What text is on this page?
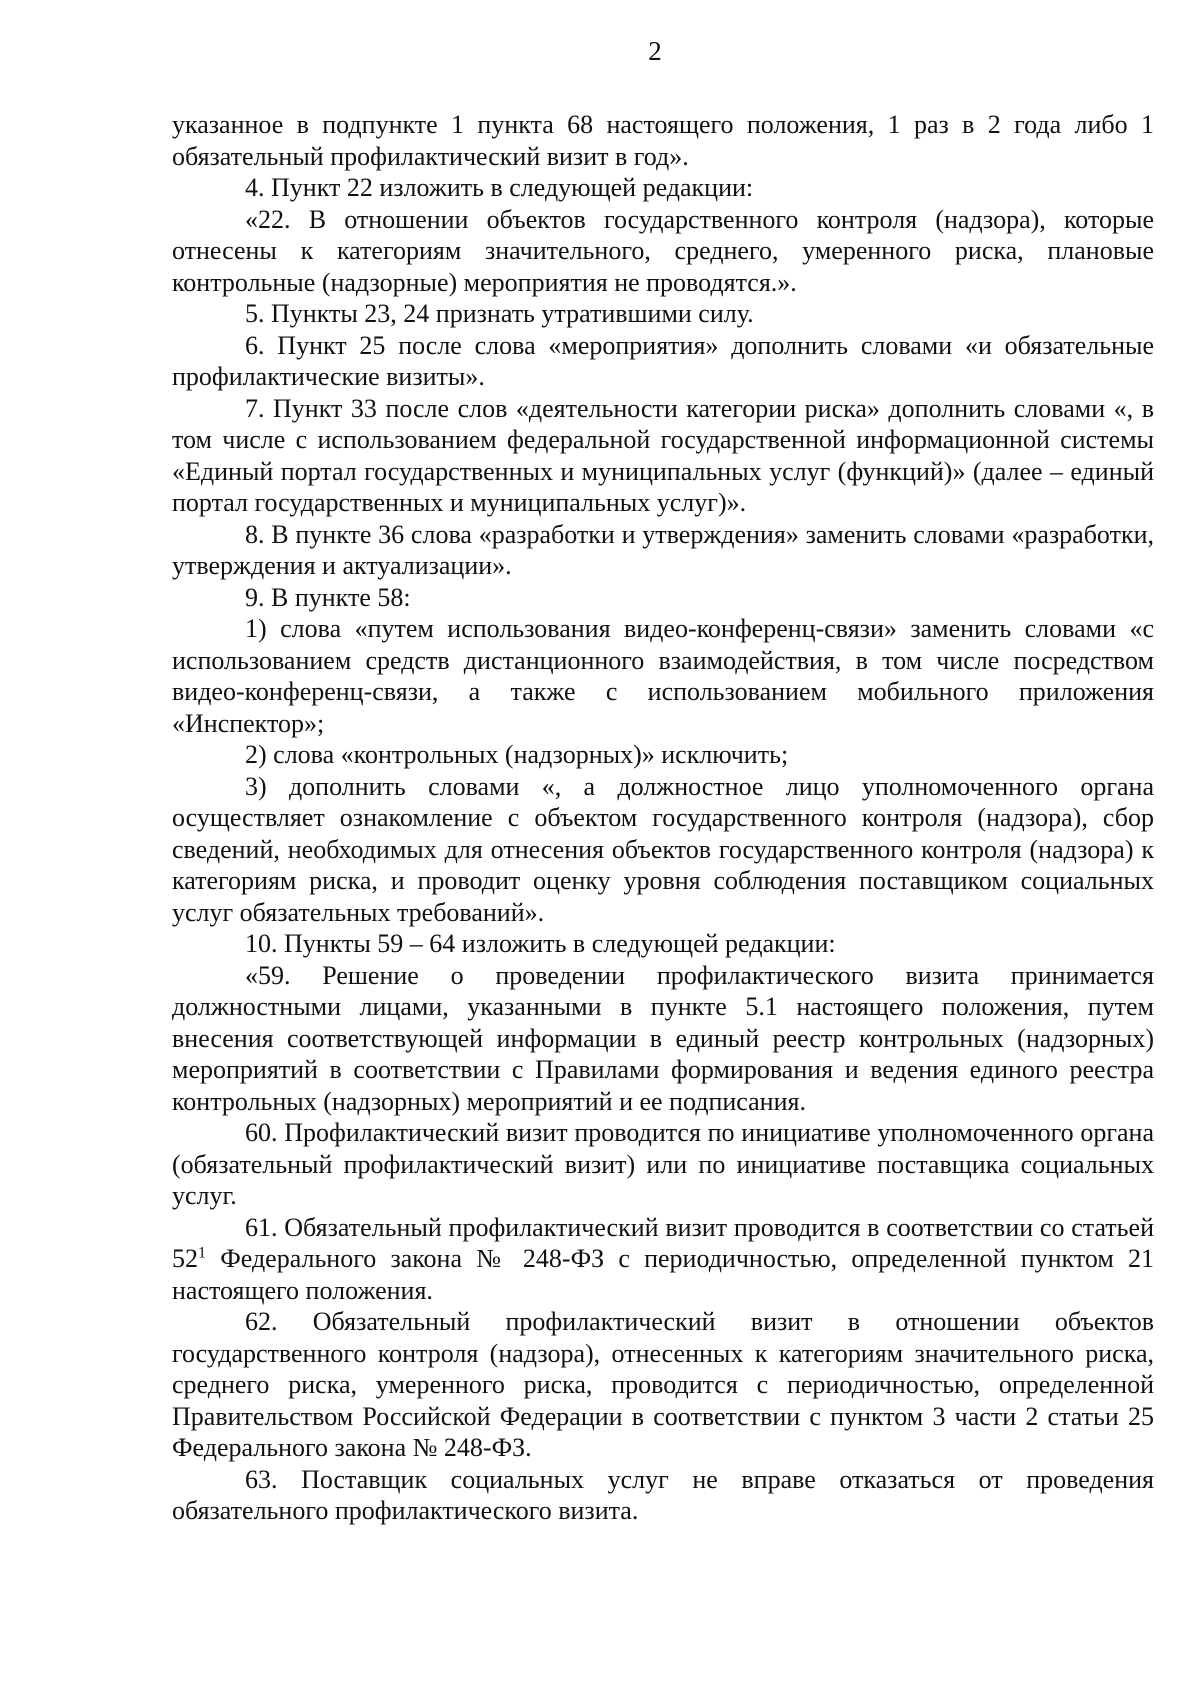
2

указанное в подпункте 1 пункта 68 настоящего положения, 1 раз в 2 года либо 1 обязательный профилактический визит в год».

4. Пункт 22 изложить в следующей редакции:

«22. В отношении объектов государственного контроля (надзора), которые отнесены к категориям значительного, среднего, умеренного риска, плановые контрольные (надзорные) мероприятия не проводятся.».

5. Пункты 23, 24 признать утратившими силу.

6. Пункт 25 после слова «мероприятия» дополнить словами «и обязательные профилактические визиты».

7. Пункт 33 после слов «деятельности категории риска» дополнить словами «, в том числе с использованием федеральной государственной информационной системы «Единый портал государственных и муниципальных услуг (функций)» (далее – единый портал государственных и муниципальных услуг)».

8. В пункте 36 слова «разработки и утверждения» заменить словами «разработки, утверждения и актуализации».

9. В пункте 58:

1) слова «путем использования видео-конференц-связи» заменить словами «с использованием средств дистанционного взаимодействия, в том числе посредством видео-конференц-связи, а также с использованием мобильного приложения «Инспектор»;

2) слова «контрольных (надзорных)» исключить;

3) дополнить словами «, а должностное лицо уполномоченного органа осуществляет ознакомление с объектом государственного контроля (надзора), сбор сведений, необходимых для отнесения объектов государственного контроля (надзора) к категориям риска, и проводит оценку уровня соблюдения поставщиком социальных услуг обязательных требований».

10. Пункты 59 – 64 изложить в следующей редакции:

«59. Решение о проведении профилактического визита принимается должностными лицами, указанными в пункте 5.1 настоящего положения, путем внесения соответствующей информации в единый реестр контрольных (надзорных) мероприятий в соответствии с Правилами формирования и ведения единого реестра контрольных (надзорных) мероприятий и ее подписания.

60. Профилактический визит проводится по инициативе уполномоченного органа (обязательный профилактический визит) или по инициативе поставщика социальных услуг.

61. Обязательный профилактический визит проводится в соответствии со статьей $52^1$ Федерального закона № 248-ФЗ с периодичностью, определенной пунктом 21 настоящего положения.

62. Обязательный профилактический визит в отношении объектов государственного контроля (надзора), отнесенных к категориям значительного риска, среднего риска, умеренного риска, проводится с периодичностью, определенной Правительством Российской Федерации в соответствии с пунктом 3 части 2 статьи 25 Федерального закона № 248-ФЗ.

63. Поставщик социальных услуг не вправе отказаться от проведения обязательного профилактического визита.
